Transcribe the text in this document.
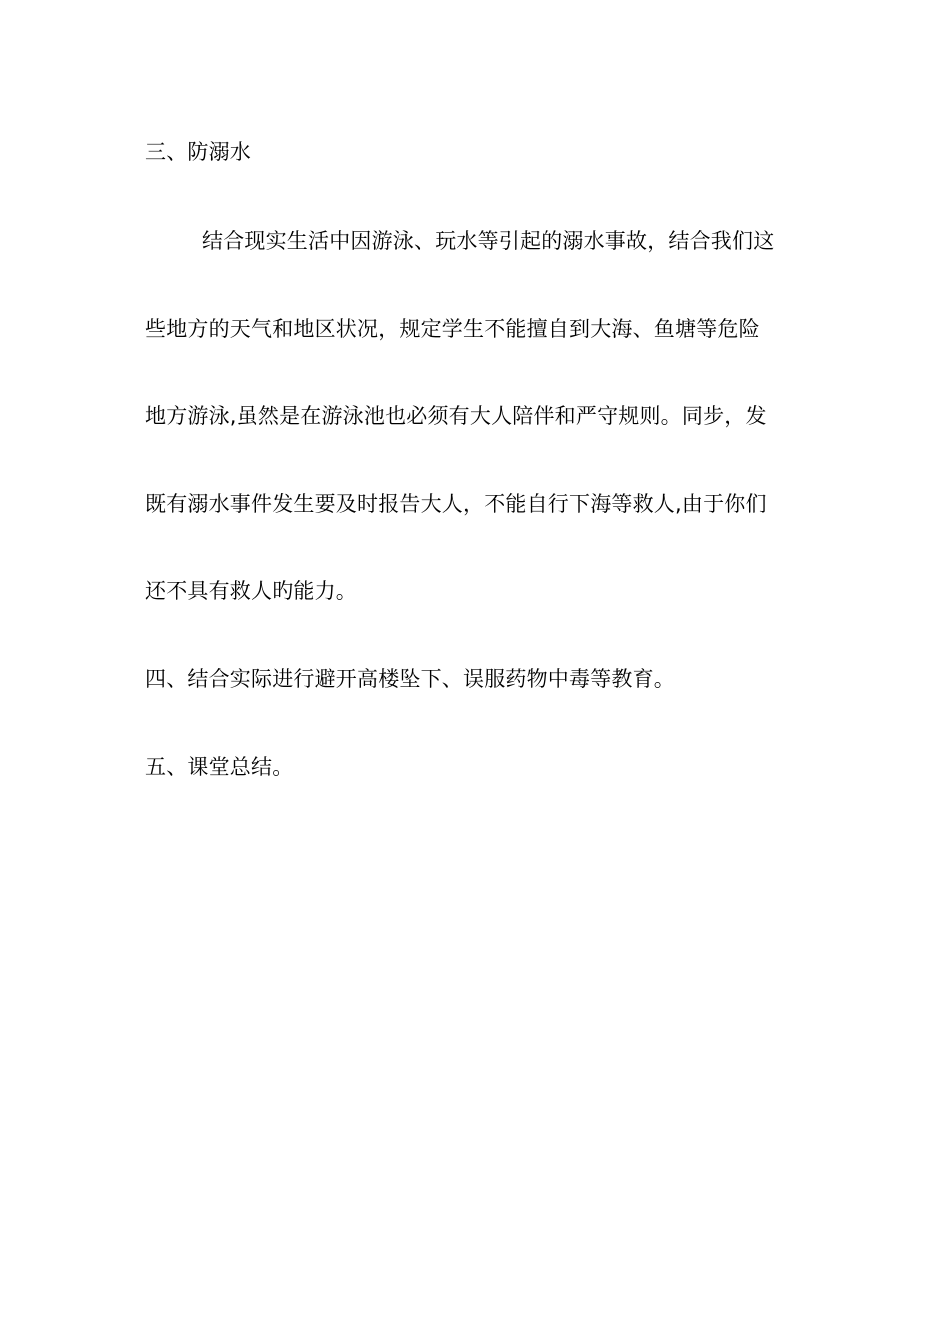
三、防溺水
结合现实生活中因游泳、玩水等引起的溺水事故，结合我们这
些地方的天气和地区状况，规定学生不能擅自到大海、鱼塘等危险
地方游泳,虽然是在游泳池也必须有大人陪伴和严守规则。同步，发
既有溺水事件发生要及时报告大人，不能自行下海等救人,由于你们
还不具有救人旳能力。
四、结合实际进行避开高楼坠下、误服药物中毒等教育。
五、课堂总结。
